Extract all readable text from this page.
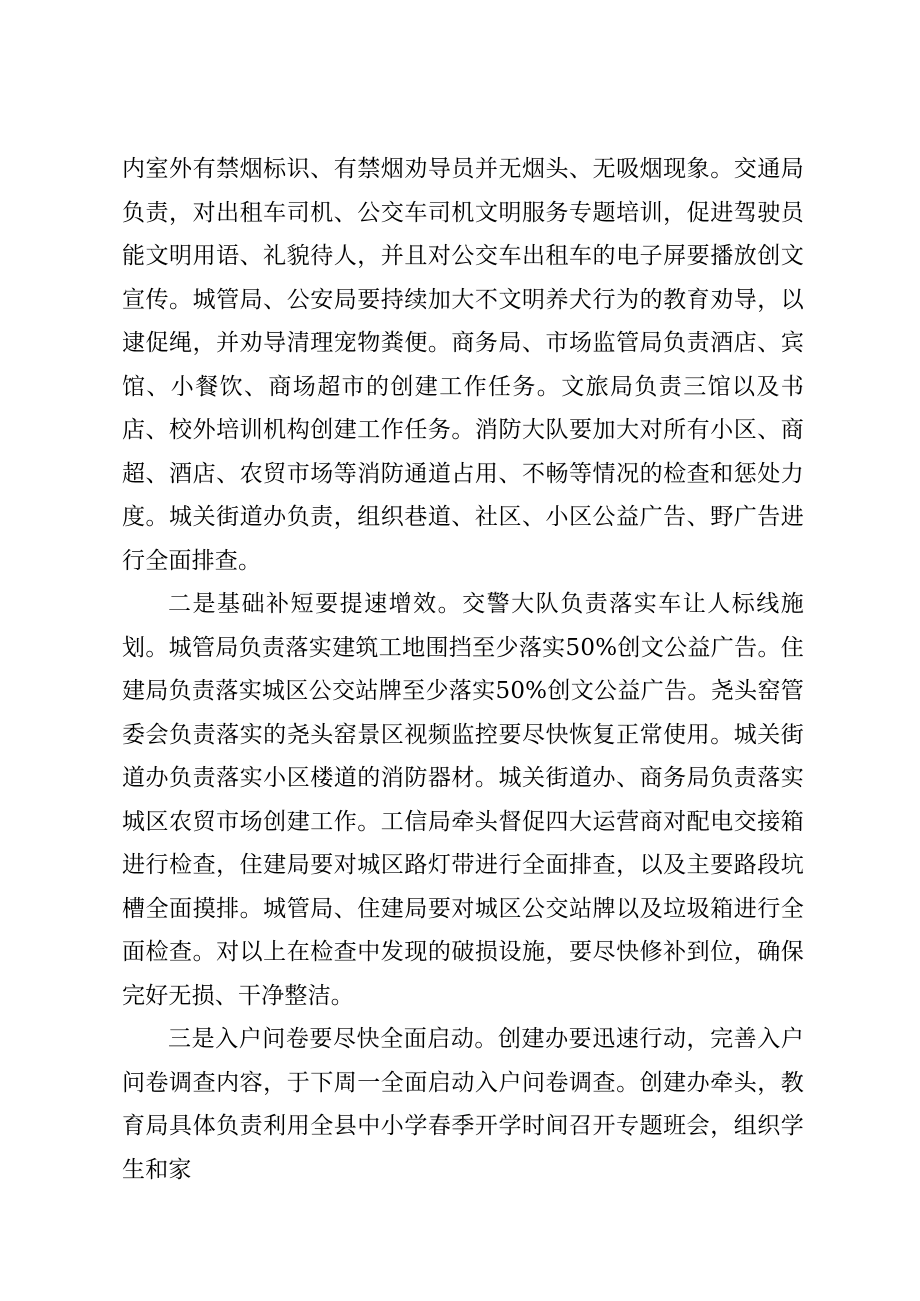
内室外有禁烟标识、有禁烟劝导员并无烟头、无吸烟现象。交通局负责，对出租车司机、公交车司机文明服务专题培训，促进驾驶员能文明用语、礼貌待人，并且对公交车出租车的电子屏要播放创文宣传。城管局、公安局要持续加大不文明养犬行为的教育劝导，以逮促绳，并劝导清理宠物粪便。商务局、市场监管局负责酒店、宾馆、小餐饮、商场超市的创建工作任务。文旅局负责三馆以及书店、校外培训机构创建工作任务。消防大队要加大对所有小区、商超、酒店、农贸市场等消防通道占用、不畅等情况的检查和惩处力度。城关街道办负责，组织巷道、社区、小区公益广告、野广告进行全面排查。

二是基础补短要提速增效。交警大队负责落实车让人标线施划。城管局负责落实建筑工地围挡至少落实50%创文公益广告。住建局负责落实城区公交站牌至少落实50%创文公益广告。尧头窑管委会负责落实的尧头窑景区视频监控要尽快恢复正常使用。城关街道办负责落实小区楼道的消防器材。城关街道办、商务局负责落实城区农贸市场创建工作。工信局牵头督促四大运营商对配电交接箱进行检查，住建局要对城区路灯带进行全面排查，以及主要路段坑槽全面摸排。城管局、住建局要对城区公交站牌以及垃圾箱进行全面检查。对以上在检查中发现的破损设施，要尽快修补到位，确保完好无损、干净整洁。

三是入户问卷要尽快全面启动。创建办要迅速行动，完善入户问卷调查内容，于下周一全面启动入户问卷调查。创建办牵头，教育局具体负责利用全县中小学春季开学时间召开专题班会，组织学生和家
